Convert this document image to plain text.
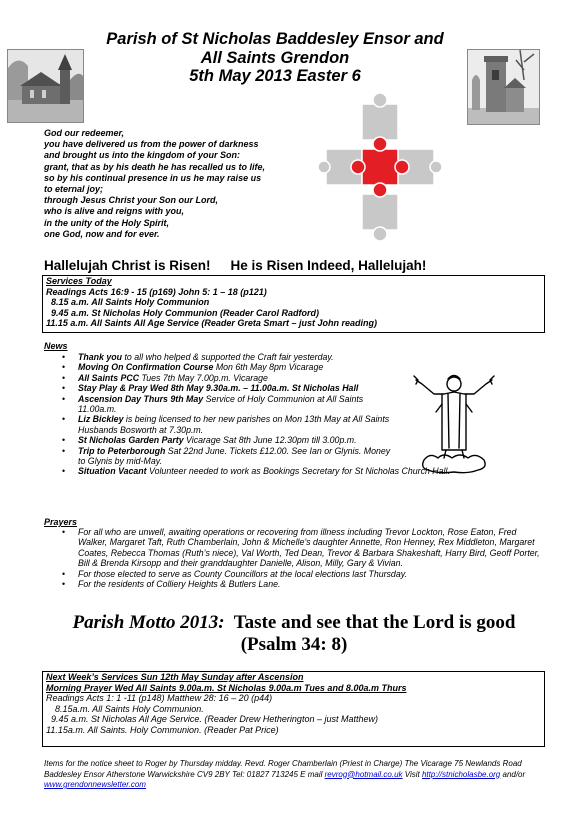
Parish of St Nicholas Baddesley Ensor and
All Saints Grendon
5th May 2013 Easter 6
God our redeemer,
you have delivered us from the power of darkness
and brought us into the kingdom of your Son:
grant, that as by his death he has recalled us to life,
so by his continual presence in us he may raise us
to eternal joy;
through Jesus Christ your Son our Lord,
who is alive and reigns with you,
in the unity of the Holy Spirit,
one God, now and for ever.
Hallelujah Christ is Risen! He is Risen Indeed, Hallelujah!
Services Today
Readings Acts 16:9 - 15 (p169) John 5: 1 – 18 (p121)
8.15 a.m. All Saints Holy Communion
9.45 a.m. St Nicholas Holy Communion (Reader Carol Radford)
11.15 a.m. All Saints All Age Service (Reader Greta Smart – just John reading)
News
• Thank you to all who helped & supported the Craft fair yesterday.
• Moving On Confirmation Course Mon 6th May 8pm Vicarage
• All Saints PCC Tues 7th May 7.00p.m. Vicarage
• Stay Play & Pray Wed 8th May 9.30a.m. – 11.00a.m. St Nicholas Hall
• Ascension Day Thurs 9th May Service of Holy Communion at All Saints 11.00a.m.
• Liz Bickley is being licensed to her new parishes on Mon 13th May at All Saints Husbands Bosworth at 7.30p.m.
• St Nicholas Garden Party Vicarage Sat 8th June 12.30pm till 3.00p.m.
• Trip to Peterborough Sat 22nd June. Tickets £12.00. See Ian or Glynis. Money to Glynis by mid-May.
• Situation Vacant Volunteer needed to work as Bookings Secretary for St Nicholas Church Hall.
Prayers
• For all who are unwell, awaiting operations or recovering from illness including Trevor Lockton, Rose Eaton, Fred Walker, Margaret Taft, Ruth Chamberlain, John & Michelle’s daughter Annette, Ron Henney, Rex Middleton, Margaret Coates, Rebecca Thomas (Ruth’s niece), Val Worth, Ted Dean, Trevor & Barbara Shakeshaft, Harry Bird, Geoff Porter, Bill & Brenda Kirsopp and their granddaughter Danielle, Alison, Milly, Gary & Vivian.
• For those elected to serve as County Councillors at the local elections last Thursday.
• For the residents of Colliery Heights & Butlers Lane.
Parish Motto 2013: Taste and see that the Lord is good (Psalm 34: 8)
Next Week’s Services Sun 12th May Sunday after Ascension
Morning Prayer Wed All Saints 9.00a.m. St Nicholas 9.00a.m Tues and 8.00a.m Thurs
Readings Acts 1: 1 -11 (p148) Matthew 28: 16 – 20 (p44)
8.15a.m. All Saints Holy Communion.
9.45 a.m. St Nicholas All Age Service. (Reader Drew Hetherington – just Matthew)
11.15a.m. All Saints. Holy Communion. (Reader Pat Price)
Items for the notice sheet to Roger by Thursday midday. Revd. Roger Chamberlain (Priest in Charge) The Vicarage 75 Newlands Road Baddesley Ensor Atherstone Warwickshire CV9 2BY Tel: 01827 713245 E mail revrog@hotmail.co.uk Visit http://stnicholasbe.org and/or www.grendonnewsletter.com
